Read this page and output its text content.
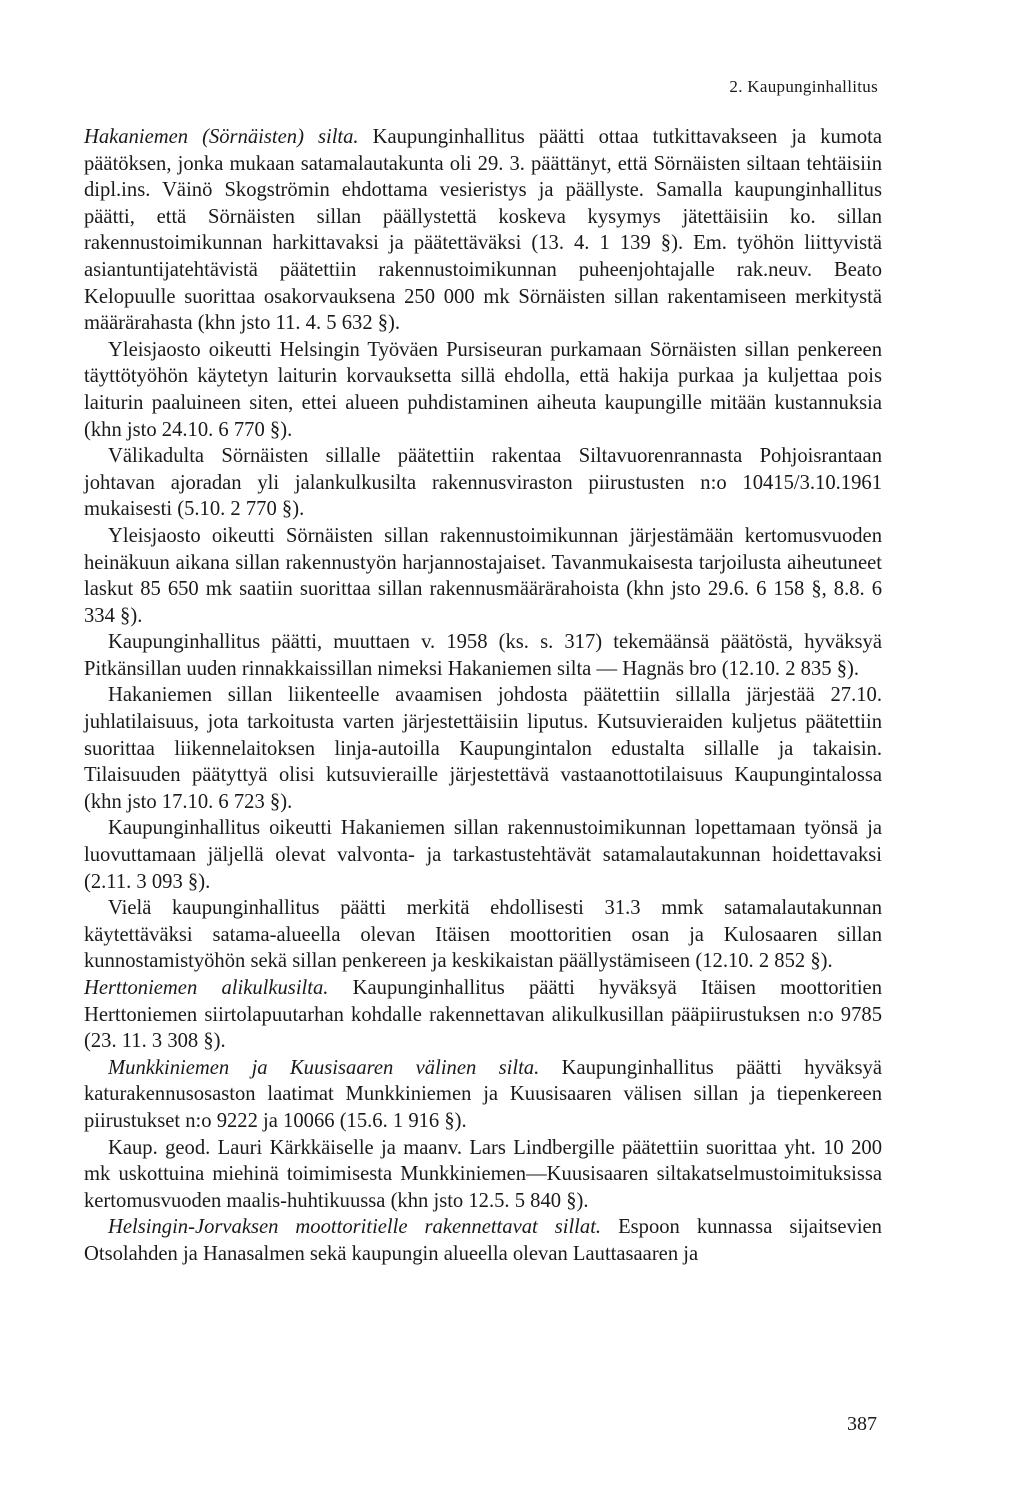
2. Kaupunginhallitus

Hakaniemen (Sörnäisten) silta. Kaupunginhallitus päätti ottaa tutkittavakseen ja kumota päätöksen, jonka mukaan satamalautakunta oli 29. 3. päättänyt, että Sörnäisten siltaan tehtäisiin dipl.ins. Väinö Skogströmin ehdottama vesieristys ja päällyste. Samalla kaupunginhallitus päätti, että Sörnäisten sillan päällystettä koskeva kysymys jätettäisiin ko. sillan rakennustoimikunnan harkittavaksi ja päätettäväksi (13. 4. 1 139 §). Em. työhön liittyvistä asiantuntijatehtävistä päätettiin rakennustoimikunnan puheenjohtajalle rak.neuv. Beato Kelopuulle suorittaa osakorvauksena 250 000 mk Sörnäisten sillan rakentamiseen merkitystä määrärahasta (khn jsto 11. 4. 5 632 §).

Yleisjaosto oikeutti Helsingin Työväen Pursiseuran purkamaan Sörnäisten sillan penkereen täyttötyöhön käytetyn laiturin korvauksetta sillä ehdolla, että hakija purkaa ja kuljettaa pois laiturin paaluineen siten, ettei alueen puhdistaminen aiheuta kaupungille mitään kustannuksia (khn jsto 24.10. 6 770 §).

Välikadulta Sörnäisten sillalle päätettiin rakentaa Siltavuorenrannasta Pohjoisrantaan johtavan ajoradan yli jalankulkusilta rakennusviraston piirustusten n:o 10415/3.10.1961 mukaisesti (5.10. 2 770 §).

Yleisjaosto oikeutti Sörnäisten sillan rakennustoimikunnan järjestämään kertomusvuoden heinäkuun aikana sillan rakennustyön harjannostajaiset. Tavanmukaisesta tarjoilusta aiheutuneet laskut 85 650 mk saatiin suorittaa sillan rakennusmäärärahoista (khn jsto 29.6. 6 158 §, 8.8. 6 334 §).

Kaupunginhallitus päätti, muuttaen v. 1958 (ks. s. 317) tekemäänsä päätöstä, hyväksyä Pitkänsillan uuden rinnakkaissillan nimeksi Hakaniemen silta — Hagnäs bro (12.10. 2 835 §).

Hakaniemen sillan liikenteelle avaamisen johdosta päätettiin sillalla järjestää 27.10. juhlatilaisuus, jota tarkoitusta varten järjestettäisiin liputus. Kutsuvieraiden kuljetus päätettiin suorittaa liikennelaitoksen linja-autoilla Kaupungintalon edustalta sillalle ja takaisin. Tilaisuuden päätyttyä olisi kutsuvieraille järjestettävä vastaanottotilaisuus Kaupungintalossa (khn jsto 17.10. 6 723 §).

Kaupunginhallitus oikeutti Hakaniemen sillan rakennustoimikunnan lopettamaan työnsä ja luovuttamaan jäljellä olevat valvonta- ja tarkastustehtävät satamalautakunnan hoidettavaksi (2.11. 3 093 §).

Vielä kaupunginhallitus päätti merkitä ehdollisesti 31.3 mmk satamalautakunnan käytettäväksi satama-alueella olevan Itäisen moottoritien osan ja Kulosaaren sillan kunnostamistyöhön sekä sillan penkereen ja keskikaistan päällystämiseen (12.10. 2 852 §).

Herttoniemen alikulkusilta. Kaupunginhallitus päätti hyväksyä Itäisen moottoritien Herttoniemen siirtolapuutarhan kohdalle rakennettavan alikulkusillan pääpiirustuksen n:o 9785 (23. 11. 3 308 §).

Munkkiniemen ja Kuusisaaren välinen silta. Kaupunginhallitus päätti hyväksyä katurakennusosaston laatimat Munkkiniemen ja Kuusisaaren välisen sillan ja tiepenkereen piirustukset n:o 9222 ja 10066 (15.6. 1 916 §).

Kaup. geod. Lauri Kärkkäiselle ja maanv. Lars Lindbergille päätettiin suorittaa yht. 10 200 mk uskottuina miehinä toimimisesta Munkkiniemen—Kuusisaaren siltakatselmustoimituksissa kertomusvuoden maalis-huhtikuussa (khn jsto 12.5. 5 840 §).

Helsingin-Jorvaksen moottoritielle rakennettavat sillat. Espoon kunnassa sijaitsevien Otsolahden ja Hanasalmen sekä kaupungin alueella olevan Lauttasaaren ja

387
